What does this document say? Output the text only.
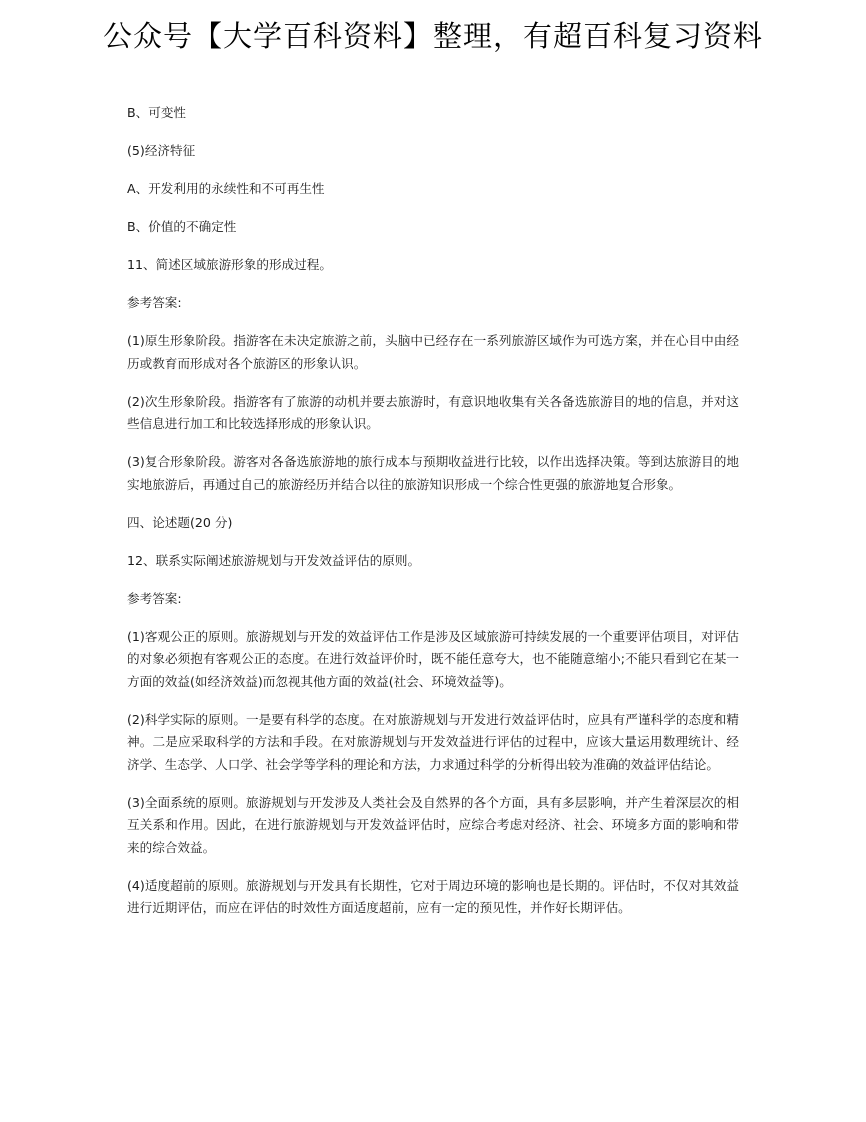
公众号【大学百科资料】整理，有超百科复习资料

B、可变性

(5)经济特征

A、开发利用的永续性和不可再生性

B、价值的不确定性

11、简述区域旅游形象的形成过程。

参考答案:

(1)原生形象阶段。指游客在未决定旅游之前，头脑中已经存在一系列旅游区域作为可选方案，并在心目中由经历或教育而形成对各个旅游区的形象认识。

(2)次生形象阶段。指游客有了旅游的动机并要去旅游时，有意识地收集有关各备选旅游目的地的信息，并对这些信息进行加工和比较选择形成的形象认识。

(3)复合形象阶段。游客对各备选旅游地的旅行成本与预期收益进行比较，以作出选择决策。等到达旅游目的地实地旅游后，再通过自己的旅游经历并结合以往的旅游知识形成一个综合性更强的旅游地复合形象。

四、论述题(20 分)

12、联系实际阐述旅游规划与开发效益评估的原则。

参考答案:

(1)客观公正的原则。旅游规划与开发的效益评估工作是涉及区域旅游可持续发展的一个重要评估项目，对评估的对象必须抱有客观公正的态度。在进行效益评价时，既不能任意夸大，也不能随意缩小;不能只看到它在某一方面的效益(如经济效益)而忽视其他方面的效益(社会、环境效益等)。

(2)科学实际的原则。一是要有科学的态度。在对旅游规划与开发进行效益评估时，应具有严谨科学的态度和精神。二是应采取科学的方法和手段。在对旅游规划与开发效益进行评估的过程中，应该大量运用数理统计、经济学、生态学、人口学、社会学等学科的理论和方法，力求通过科学的分析得出较为准确的效益评估结论。

(3)全面系统的原则。旅游规划与开发涉及人类社会及自然界的各个方面，具有多层影响，并产生着深层次的相互关系和作用。因此，在进行旅游规划与开发效益评估时，应综合考虑对经济、社会、环境多方面的影响和带来的综合效益。

(4)适度超前的原则。旅游规划与开发具有长期性，它对于周边环境的影响也是长期的。评估时，不仅对其效益进行近期评估，而应在评估的时效性方面适度超前，应有一定的预见性，并作好长期评估。
